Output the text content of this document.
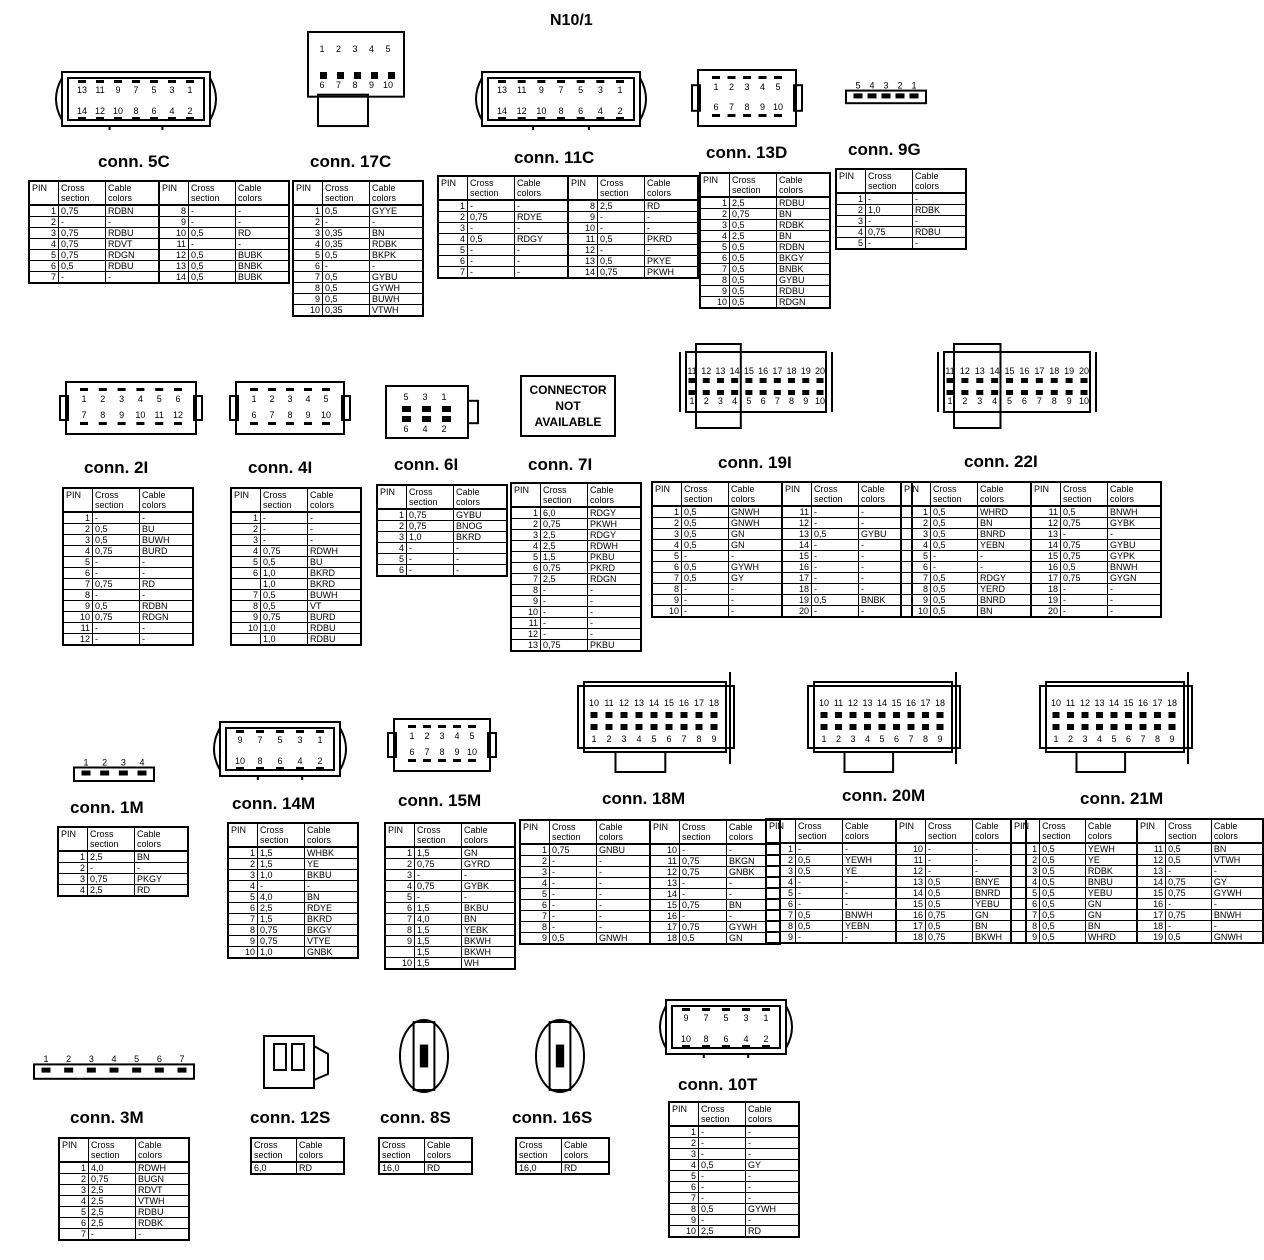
N10/1
conn. 5C
13 11 9 7 5 3 1
14 12 10 8 6 4 2
PIN	Cross
section	Cable
colors	PIN	Cross
section	Cable
colors
1	0,75	RDBN	8	-	-
2	-	-	9	-	-
3	0,75	RDBU	10	0,5	RD
4	0,75	RDVT	11	-	-
5	0,75	RDGN	12	0,5	BUBK
6	0,5	RDBU	13	0,5	BNBK
7	-	-	14	0,5	BUBK
conn. 17C
1 2 3 4 5
6 7 8 9 10
PIN	Cross
section	Cable
colors
1	0,5	GYYE
2	-	-
3	0,35	BN
4	0,35	RDBK
5	0,5	BKPK
6	-	-
7	0,5	GYBU
8	0,5	GYWH
9	0,5	BUWH
10	0,35	VTWH
conn. 11C
13 11 9 7 5 3 1
14 12 10 8 6 4 2
PIN	Cross
section	Cable
colors	PIN	Cross
section	Cable
colors
1	-	-	8	2,5	RD
2	0,75	RDYE	9	-	-
3	-	-	10	-	-
4	0,5	RDGY	11	0,5	PKRD
5	-	-	12	-	-
6	-	-	13	0,5	PKYE
7	-	-	14	0,75	PKWH
conn. 13D
1 2 3 4 5
6 7 8 9 10
PIN	Cross
section	Cable
colors
1	2,5	RDBU
2	0,75	BN
3	0,5	RDBK
4	2,5	BN
5	0,5	RDBN
6	0,5	BKGY
7	0,5	BNBK
8	0,5	GYBU
9	0,5	RDBU
10	0,5	RDGN
conn. 9G
5 4 3 2 1
PIN	Cross
section	Cable
colors
1	-	-
2	1,0	RDBK
3	-	-
4	0,75	RDBU
5	-	-
conn. 2I
1 2 3 4 5 6
7 8 9 10 11 12
PIN	Cross
section	Cable
colors
1	-	-
2	0,5	BU
3	0,5	BUWH
4	0,75	BURD
5	-	-
6	-	-
7	0,75	RD
8	-	-
9	0,5	RDBN
10	0,75	RDGN
11	-	-
12	-	-
conn. 4I
1 2 3 4 5
6 7 8 9 10
PIN	Cross
section	Cable
colors
1	-	-
2	-	-
3	-	-
4	0,75	RDWH
5	0,5	BU
6	1,0	BKRD
	1,0	BKRD
7	0,5	BUWH
8	0,5	VT
9	0,75	BURD
10	1,0	RDBU
	1,0	RDBU
conn. 6I
5 3 1
6 4 2
PIN	Cross
section	Cable
colors
1	0,75	GYBU
2	0,75	BNOG
3	1,0	BKRD
4	-	-
5	-	-
6	-	-
conn. 7I
PIN	Cross
section	Cable
colors
1	6,0	RDGY
2	0,75	PKWH
3	2,5	RDGY
4	2,5	RDWH
5	1,5	PKBU
6	0,75	PKRD
7	2,5	RDGN
8	-	-
9	-	-
10	-	-
11	-	-
12	-	-
13	0,75	PKBU
conn. 19I
11 12 13 14 15 16 17 18 19 20
1 2 3 4 5 6 7 8 9 10
PIN	Cross
section	Cable
colors	PIN	Cross
section	Cable
colors
1	0,5	GNWH	11	-	-
2	0,5	GNWH	12	-	-
3	0,5	GN	13	0,5	GYBU
4	0,5	GN	14	-	-
5	-	-	15	-	-
6	0,5	GYWH	16	-	-
7	0,5	GY	17	-	-
8	-	-	18	-	-
9	-	-	19	0,5	BNBK
10	-	-	20	-	-
conn. 22I
11 12 13 14 15 16 17 18 19 20
1 2 3 4 5 6 7 8 9 10
PIN	Cross
section	Cable
colors	PIN	Cross
section	Cable
colors
1	0,5	WHRD	11	0,5	BNWH
2	0,5	BN	12	0,75	GYBK
3	0,5	BNRD	13	-	-
4	0,5	YEBN	14	0,75	GYBU
5	-	-	15	0,75	GYPK
6	-	-	16	0,5	BNWH
7	0,5	RDGY	17	0,75	GYGN
8	0,5	YERD	18	-	-
9	0,5	BNRD	19	-	-
10	0,5	BN	20	-	-
conn. 1M
1 2 3 4
PIN	Cross
section	Cable
colors
1	2,5	BN
2	-	-
3	0,75	PKGY
4	2,5	RD
conn. 14M
9 7 5 3 1
10 8 6 4 2
PIN	Cross
section	Cable
colors
1	1,5	WHBK
2	1,5	YE
3	1,0	BKBU
4	-	-
5	4,0	BN
6	2,5	RDYE
7	1,5	BKRD
8	0,75	BKGY
9	0,75	VTYE
10	1,0	GNBK
conn. 15M
1 2 3 4 5
6 7 8 9 10
PIN	Cross
section	Cable
colors
1	1,5	GN
2	0,75	GYRD
3	-	-
4	0,75	GYBK
5	-	-
6	1,5	BKBU
7	4,0	BN
8	1,5	YEBK
9	1,5	BKWH
	1,5	BKWH
10	1,5	WH
conn. 18M
10 11 12 13 14 15 16 17 18
1 2 3 4 5 6 7 8 9
PIN	Cross
section	Cable
colors	PIN	Cross
section	Cable
colors
1	0,75	GNBU	10	-	-
2	-	-	11	0,75	BKGN
3	-	-	12	0,75	GNBK
4	-	-	13	-	-
5	-	-	14	-	-
6	-	-	15	0,75	BN
7	-	-	16	-	-
8	-	-	17	0,75	GYWH
9	0,5	GNWH	18	0,5	GN
conn. 20M
10 11 12 13 14 15 16 17 18
1 2 3 4 5 6 7 8 9
PIN	Cross
section	Cable
colors	PIN	Cross
section	Cable
colors
1	-	-	10	-	-
2	0,5	YEWH	11	-	-
3	0,5	YE	12	-	-
4	-	-	13	0,5	BNYE
5	-	-	14	0,5	BNRD
6	-	-	15	0,5	YEBU
7	0,5	BNWH	16	0,75	GN
8	0,5	YEBN	17	0,5	BN
9	-	-	18	0,75	BKWH
conn. 21M
10 11 12 13 14 15 16 17 18
1 2 3 4 5 6 7 8 9
PIN	Cross
section	Cable
colors	PIN	Cross
section	Cable
colors
1	0,5	YEWH	11	0,5	BN
2	0,5	YE	12	0,5	VTWH
3	0,5	RDBK	13	-	-
4	0,5	BNBU	14	0,75	GY
5	0,5	YEBU	15	0,75	GYWH
6	0,5	GN	16	-	-
7	0,5	GN	17	0,75	BNWH
8	0,5	BN	18	-	-
9	0,5	WHRD	19	0,5	GNWH
conn. 3M
1 2 3 4 5 6 7
PIN	Cross
section	Cable
colors
1	4,0	RDWH
2	0,75	BUGN
3	2,5	RDVT
4	2,5	VTWH
5	2,5	RDBU
6	2,5	RDBK
7	-	-
conn. 12S
Cross
section	Cable
colors
6,0	RD
conn. 8S
Cross
section	Cable
colors
16,0	RD
conn. 16S
Cross
section	Cable
colors
16,0	RD
conn. 10T
9 7 5 3 1
10 8 6 4 2
PIN	Cross
section	Cable
colors
1	-	-
2	-	-
3	-	-
4	0,5	GY
5	-	-
6	-	-
7	-	-
8	0,5	GYWH
9	-	-
10	2,5	RD
CONNECTOR
NOT
AVAILABLE
